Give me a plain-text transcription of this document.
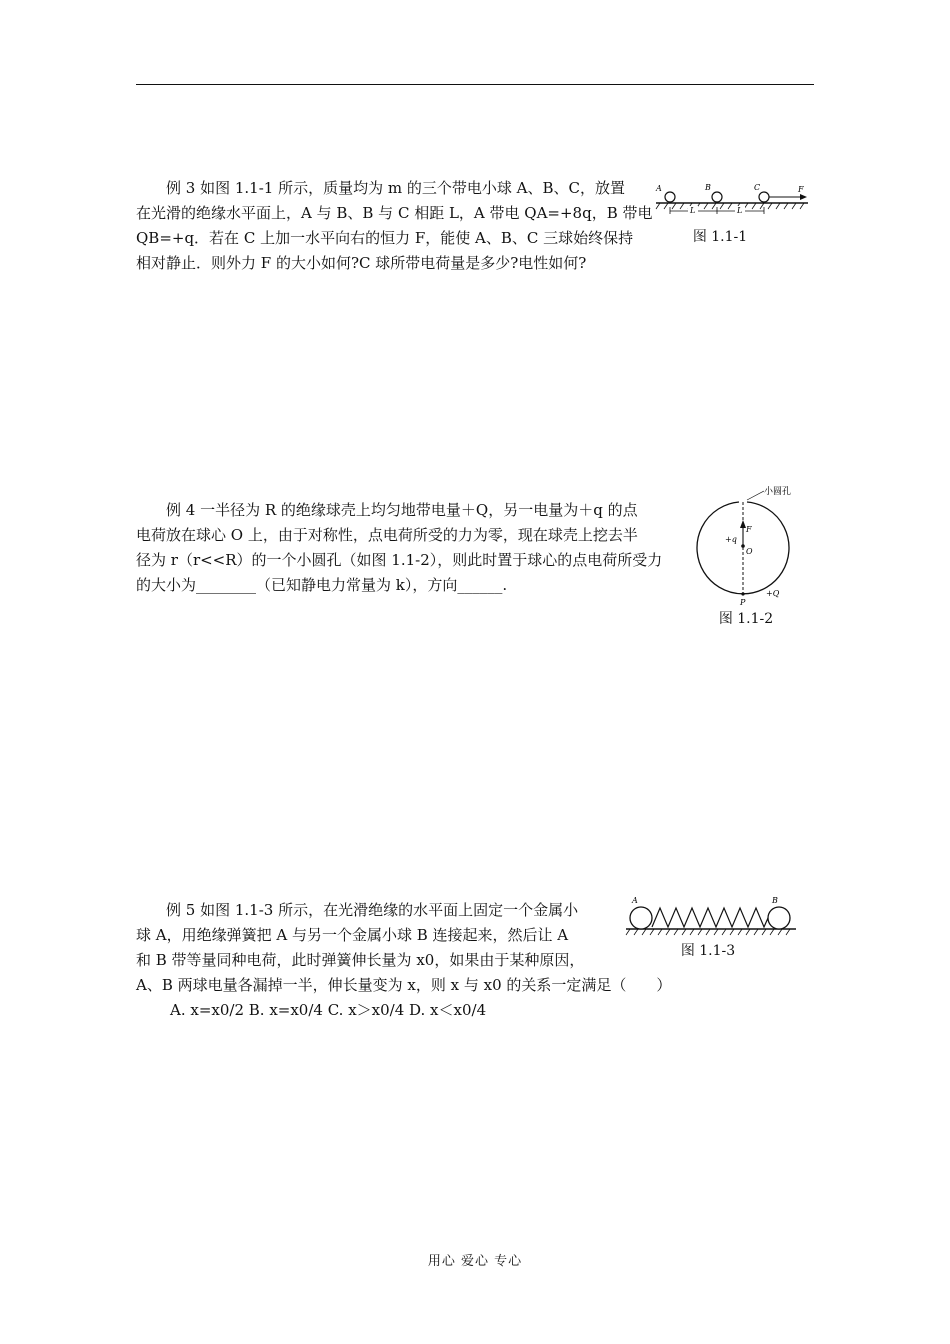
　　例 3 如图 1.1-1 所示，质量均为 m 的三个带电小球 A、B、C，放置
在光滑的绝缘水平面上，A 与 B、B 与 C 相距 L，A 带电 QA=+8q，B 带电
QB=+q．若在 C 上加一水平向右的恒力 F，能使 A、B、C 三球始终保持
相对静止．则外力 F 的大小如何?C 球所带电荷量是多少?电性如何?
A	B	C	F
L	L
图 1.1-1
　　例 4 一半径为 R 的绝缘球壳上均匀地带电量＋Q，另一电量为＋q 的点
电荷放在球心 O 上，由于对称性，点电荷所受的力为零，现在球壳上挖去半
径为 r（r<<R）的一个小圆孔（如图 1.1-2），则此时置于球心的点电荷所受力
的大小为________（已知静电力常量为 k），方向______.
小圆孔
+q
F
O
P
+Q
图 1.1-2
　　例 5 如图 1.1-3 所示，在光滑绝缘的水平面上固定一个金属小
球 A，用绝缘弹簧把 A 与另一个金属小球 B 连接起来，然后让 A
和 B 带等量同种电荷，此时弹簧伸长量为 x0，如果由于某种原因，
A、B 两球电量各漏掉一半，伸长量变为 x，则 x 与 x0 的关系一定满足（　　）
A. x=x0/2 B. x=x0/4 C. x＞x0/4 D. x＜x0/4
A	B
图 1.1-3
用心 爱心 专心
